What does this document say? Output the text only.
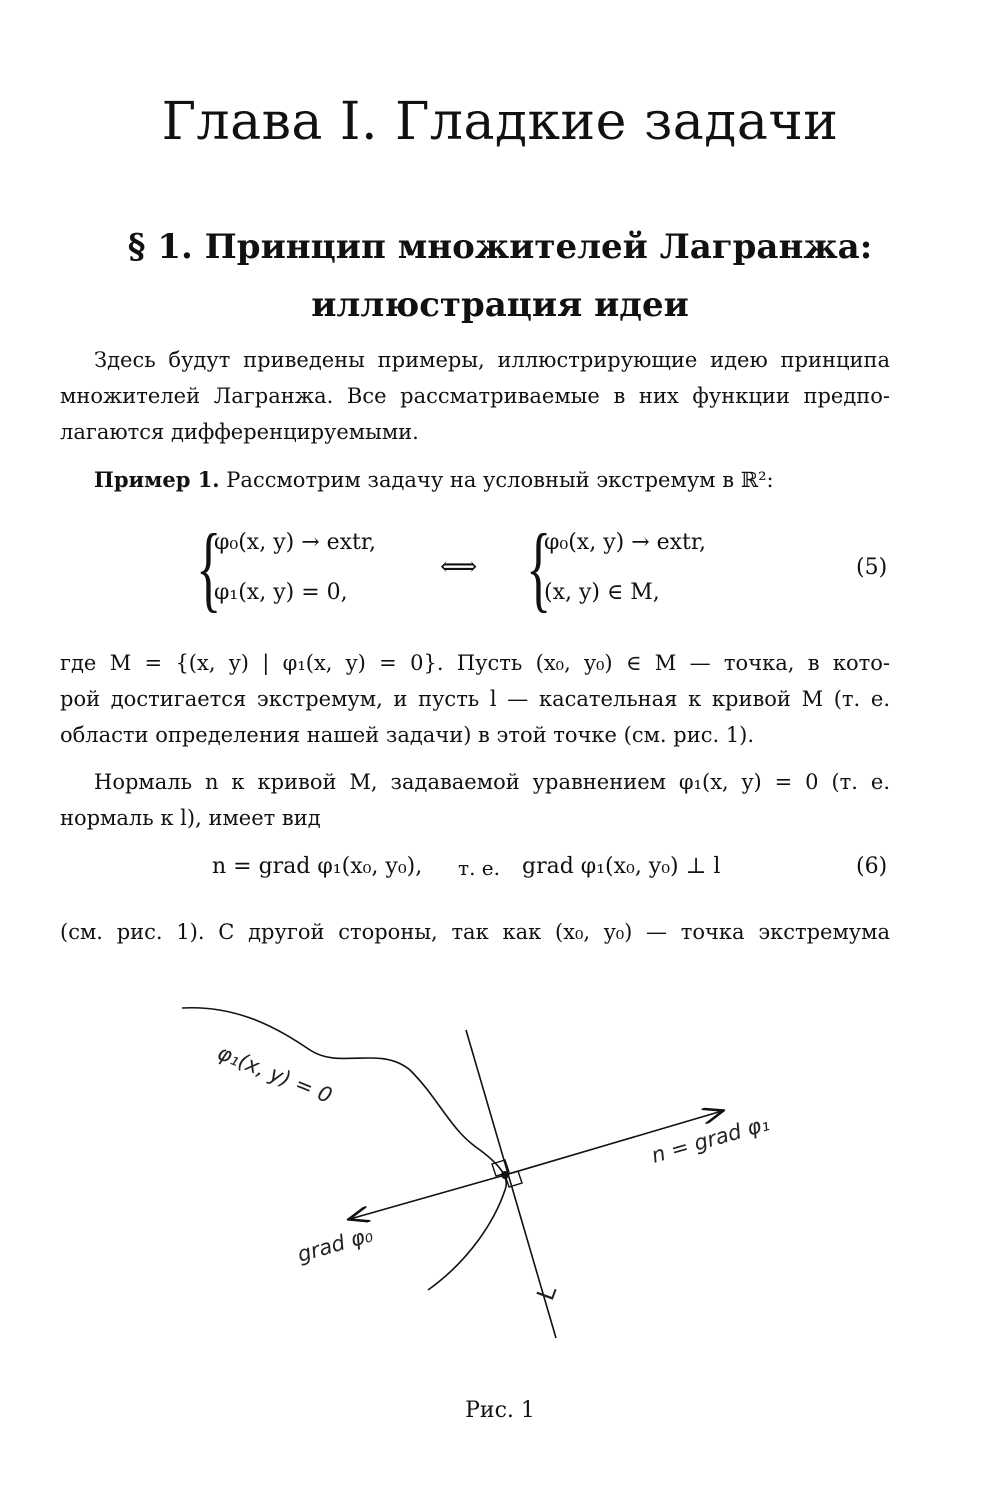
Глава I. Гладкие задачи
§ 1. Принцип множителей Лагранжа:
иллюстрация идеи
Здесь будут приведены примеры, иллюстрирующие идею принципа
множителей Лагранжа. Все рассматриваемые в них функции предпо-
лагаются дифференцируемыми.
Пример 1. Рассмотрим задачу на условный экстремум в ℝ²:
{
φ₀(x, y) → extr,
φ₁(x, y) = 0,
⟺ {
φ₀(x, y) → extr,
(x, y) ∈ M,
(5)
где M = {(x, y) | φ₁(x, y) = 0}. Пусть (x₀, y₀) ∈ M — точка, в кото-
рой достигается экстремум, и пусть l — касательная к кривой M (т. е.
области определения нашей задачи) в этой точке (см. рис. 1).
Нормаль n к кривой M, задаваемой уравнением φ₁(x, y) = 0 (т. е.
нормаль к l), имеет вид
n = grad φ₁(x₀, y₀), т. е. grad φ₁(x₀, y₀) ⊥ l	(6)
(см. рис. 1). С другой стороны, так как (x₀, y₀) — точка экстремума
φ₁(x, y) = 0
n = grad φ₁
grad φ₀
L
Рис. 1
